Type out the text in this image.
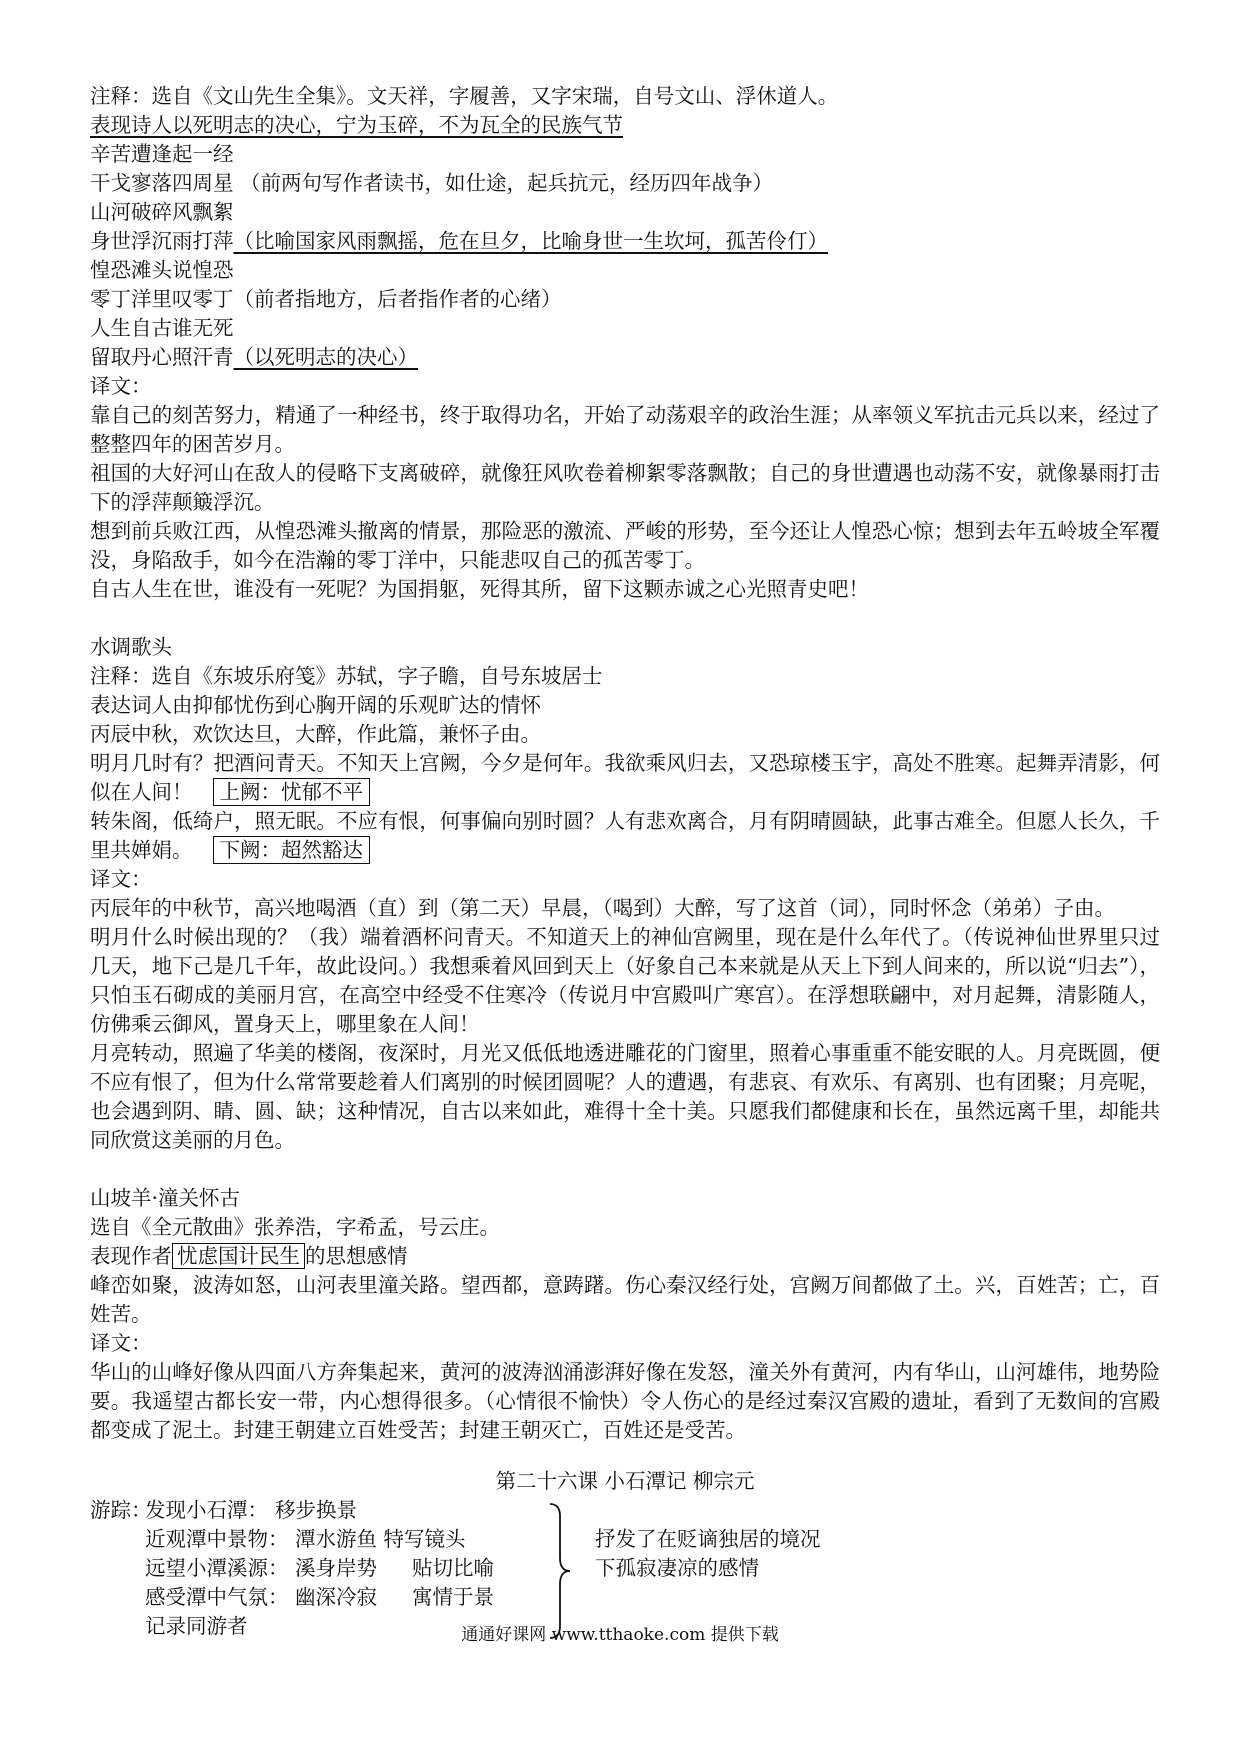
注释：选自《文山先生全集》。文天祥，字履善，又字宋瑞，自号文山、浮休道人。
表现诗人以死明志的决心，宁为玉碎，不为瓦全的民族气节
辛苦遭逢起一经
干戈寥落四周星 （前两句写作者读书，如仕途，起兵抗元，经历四年战争）
山河破碎风飘絮
身世浮沉雨打萍（比喻国家风雨飘摇，危在旦夕，比喻身世一生坎坷，孤苦伶仃）
惶恐滩头说惶恐
零丁洋里叹零丁（前者指地方，后者指作者的心绪）
人生自古谁无死
留取丹心照汗青（以死明志的决心）
译文：
靠自己的刻苦努力，精通了一种经书，终于取得功名，开始了动荡艰辛的政治生涯；从率领义军抗击元兵以来，经过了整整四年的困苦岁月。
祖国的大好河山在敌人的侵略下支离破碎，就像狂风吹卷着柳絮零落飘散；自己的身世遭遇也动荡不安，就像暴雨打击下的浮萍颠簸浮沉。
想到前兵败江西，从惶恐滩头撤离的情景，那险恶的激流、严峻的形势，至今还让人惶恐心惊；想到去年五岭坡全军覆没，身陷敌手，如今在浩瀚的零丁洋中，只能悲叹自己的孤苦零丁。
自古人生在世，谁没有一死呢？为国捐躯，死得其所，留下这颗赤诚之心光照青史吧！
水调歌头
注释：选自《东坡乐府笺》苏轼，字子瞻，自号东坡居士
表达词人由抑郁忧伤到心胸开阔的乐观旷达的情怀
丙辰中秋，欢饮达旦，大醉，作此篇，兼怀子由。
明月几时有？把酒问青天。不知天上宫阙，今夕是何年。我欲乘风归去，又恐琼楼玉宇，高处不胜寒。起舞弄清影，何似在人间！ 上阙：忧郁不平
转朱阁，低绮户，照无眠。不应有恨，何事偏向别时圆？人有悲欢离合，月有阴晴圆缺，此事古难全。但愿人长久，千里共婵娟。 下阙：超然豁达
译文：
丙辰年的中秋节，高兴地喝酒（直）到（第二天）早晨，（喝到）大醉，写了这首（词），同时怀念（弟弟）子由。
明月什么时候出现的？（我）端着酒杯问青天。不知道天上的神仙宫阙里，现在是什么年代了。（传说神仙世界里只过几天，地下己是几千年，故此设问。）我想乘着风回到天上（好象自己本来就是从天上下到人间来的，所以说“归去”），只怕玉石砌成的美丽月宫，在高空中经受不住寒冷（传说月中宫殿叫广寒宫）。在浮想联翩中，对月起舞，清影随人，仿佛乘云御风，置身天上，哪里象在人间！
月亮转动，照遍了华美的楼阁，夜深时，月光又低低地透进雕花的门窗里，照着心事重重不能安眠的人。月亮既圆，便不应有恨了，但为什么常常要趁着人们离别的时候团圆呢？人的遭遇，有悲哀、有欢乐、有离别、也有团聚；月亮呢，也会遇到阴、睛、圆、缺；这种情况，自古以来如此，难得十全十美。只愿我们都健康和长在，虽然远离千里，却能共同欣赏这美丽的月色。
山坡羊·潼关怀古
选自《全元散曲》张养浩，字希孟，号云庄。
表现作者 忧虑国计民生 的思想感情
峰峦如聚，波涛如怒，山河表里潼关路。望西都，意踌躇。伤心秦汉经行处，宫阙万间都做了土。兴，百姓苦；亡，百姓苦。
译文：
华山的山峰好像从四面八方奔集起来，黄河的波涛汹涌澎湃好像在发怒，潼关外有黄河，内有华山，山河雄伟，地势险要。我遥望古都长安一带，内心想得很多。（心情很不愉快）令人伤心的是经过秦汉宫殿的遗址，看到了无数间的宫殿都变成了泥土。封建王朝建立百姓受苦；封建王朝灭亡，百姓还是受苦。
第二十六课 小石潭记 柳宗元
游踪：
发现小石潭： 移步换景
近观潭中景物： 潭水游鱼 特写镜头
远望小潭溪源： 溪身岸势 贴切比喻
感受潭中气氛： 幽深冷寂 寓情于景
记录同游者
抒发了在贬谪独居的境况
下孤寂凄凉的感情
通通好课网 www.tthaoke.com 提供下载
